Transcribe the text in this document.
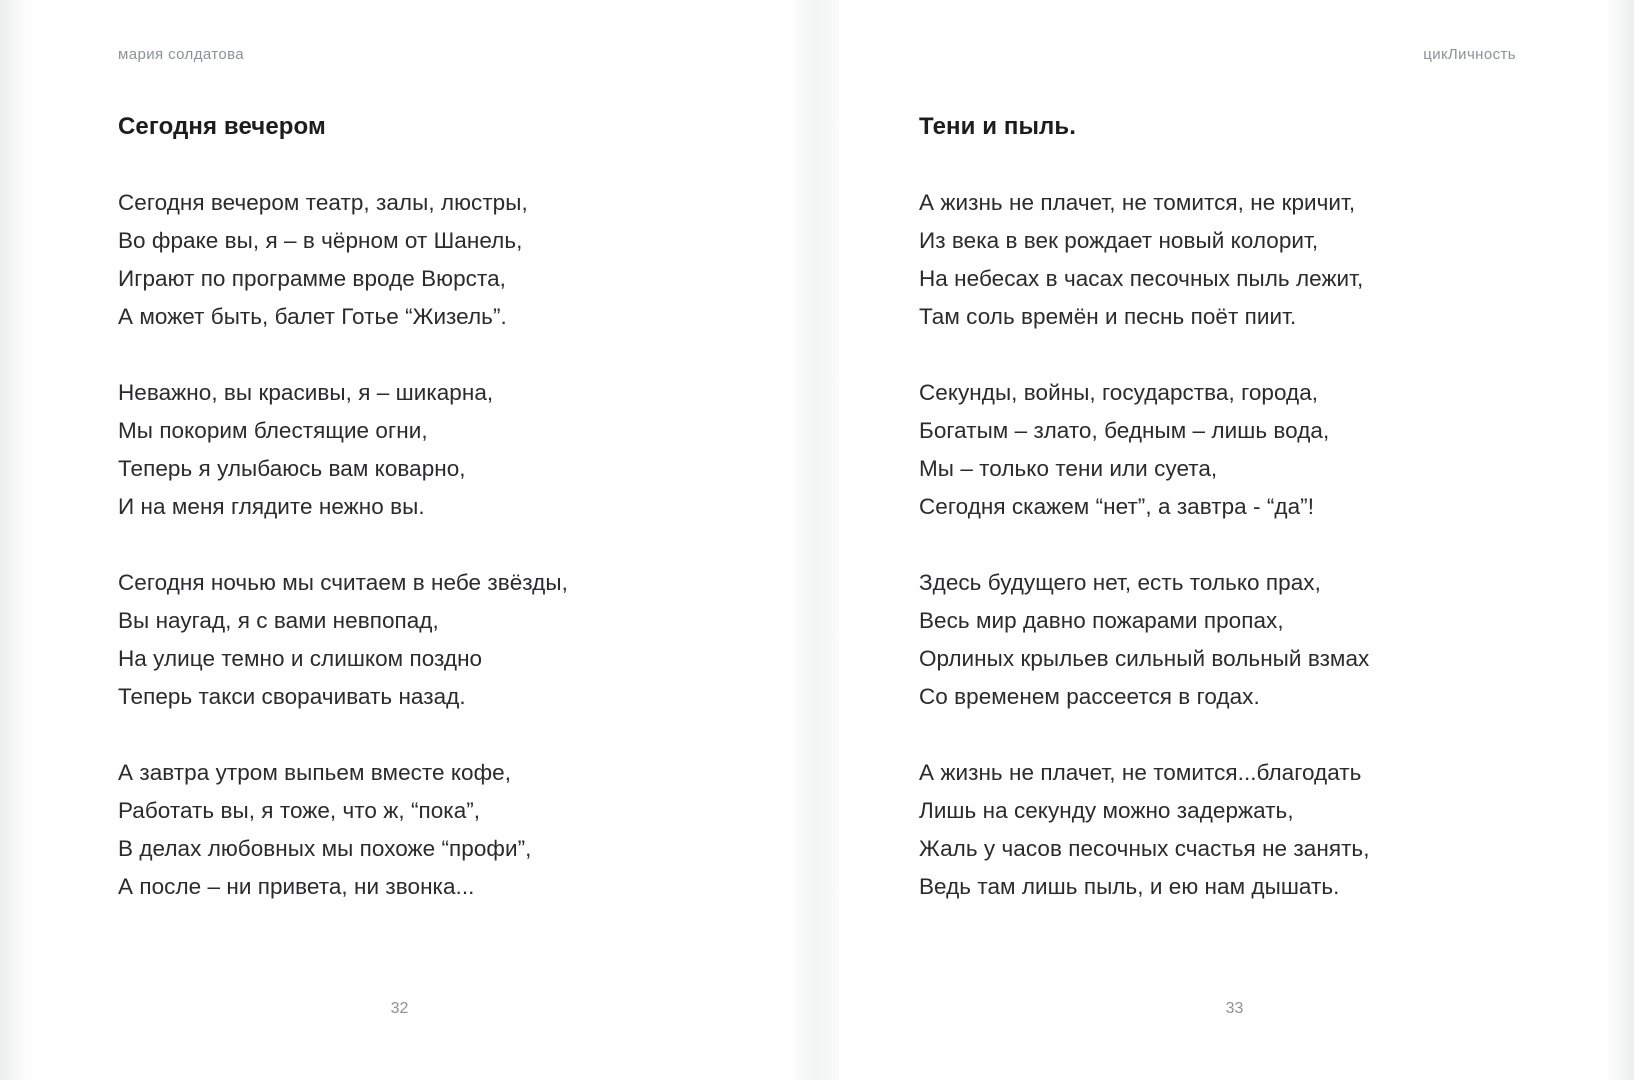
мария солдатова
Сегодня вечером
Сегодня вечером театр, залы, люстры,
Во фраке вы, я – в чёрном от Шанель,
Играют по программе вроде Вюрста,
А может быть, балет Готье “Жизель”.
Неважно, вы красивы, я – шикарна,
Мы покорим блестящие огни,
Теперь я улыбаюсь вам коварно,
И на меня глядите нежно вы.
Сегодня ночью мы считаем в небе звёзды,
Вы наугад, я с вами невпопад,
На улице темно и слишком поздно
Теперь такси сворачивать назад.
А завтра утром выпьем вместе кофе,
Работать вы, я тоже, что ж, “пока”,
В делах любовных мы похоже “профи”,
А после – ни привета, ни звонка...
цикЛичность
Тени и пыль.
А жизнь не плачет, не томится, не кричит,
Из века в век рождает новый колорит,
На небесах в часах песочных пыль лежит,
Там соль времён и песнь поёт пиит.
Секунды, войны, государства, города,
Богатым – злато, бедным – лишь вода,
Мы – только тени или суета,
Сегодня скажем “нет”, а завтра - “да”!
Здесь будущего нет, есть только прах,
Весь мир давно пожарами пропах,
Орлиных крыльев сильный вольный взмах
Со временем рассеется в годах.
А жизнь не плачет, не томится...благодать
Лишь на секунду можно задержать,
Жаль у часов песочных счастья не занять,
Ведь там лишь пыль, и ею нам дышать.
32	33
